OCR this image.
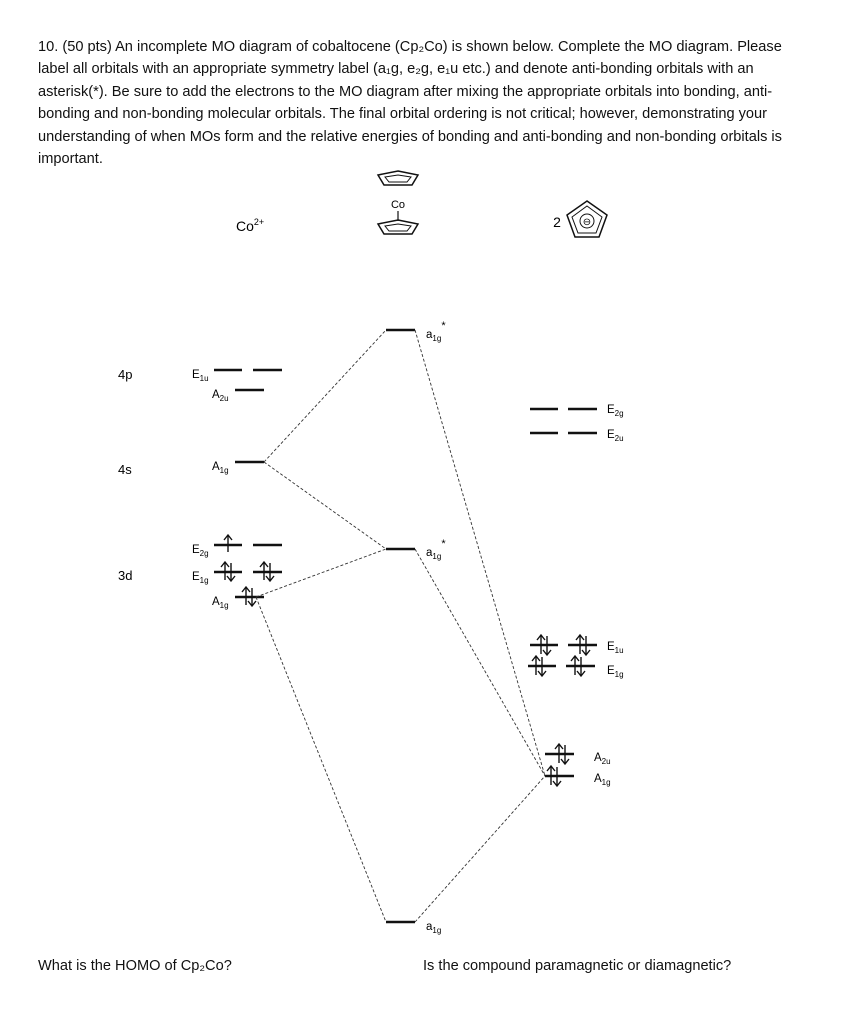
10. (50 pts) An incomplete MO diagram of cobaltocene (Cp₂Co) is shown below. Complete the MO diagram. Please label all orbitals with an appropriate symmetry label (a₁g, e₂g, e₁u etc.) and denote anti-bonding orbitals with an asterisk(*). Be sure to add the electrons to the MO diagram after mixing the appropriate orbitals into bonding, anti-bonding and non-bonding molecular orbitals. The final orbital ordering is not critical; however, demonstrating your understanding of when MOs form and the relative energies of bonding and anti-bonding and non-bonding orbitals is important.

$Co^{2+}$
Co
2 ⊖
4p
4s
3d
$E_{1u}$
$A_{2u}$
$A_{1g}$
$E_{2g}$
$E_{1g}$
$A_{1g}$
$a_{1g}*$
$a_{1g}*$
$a_{1g}$
$E_{2g}$
$E_{2u}$
$E_{1u}$
$E_{1g}$
$A_{2u}$
$A_{1g}$
What is the HOMO of Cp₂Co?	Is the compound paramagnetic or diamagnetic?
